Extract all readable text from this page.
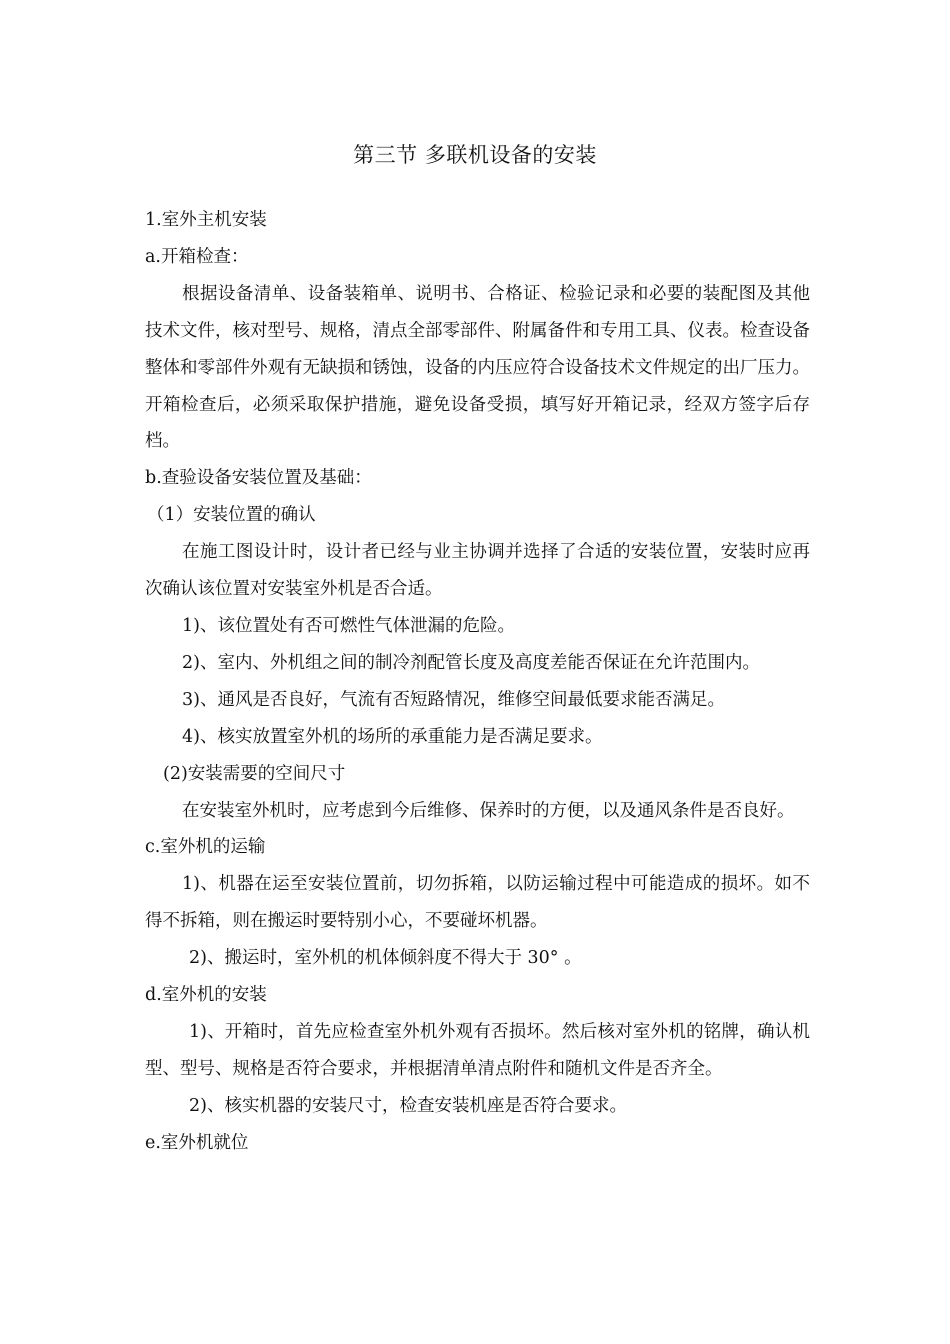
第三节 多联机设备的安装

1.室外主机安装

a.开箱检查：

根据设备清单、设备装箱单、说明书、合格证、检验记录和必要的装配图及其他技术文件，核对型号、规格，清点全部零部件、附属备件和专用工具、仪表。检查设备整体和零部件外观有无缺损和锈蚀，设备的内压应符合设备技术文件规定的出厂压力。开箱检查后，必须采取保护措施，避免设备受损，填写好开箱记录，经双方签字后存档。

b.查验设备安装位置及基础：

（1）安装位置的确认

在施工图设计时，设计者已经与业主协调并选择了合适的安装位置，安装时应再次确认该位置对安装室外机是否合适。

1)、该位置处有否可燃性气体泄漏的危险。

2)、室内、外机组之间的制冷剂配管长度及高度差能否保证在允许范围内。

3)、通风是否良好，气流有否短路情况，维修空间最低要求能否满足。

4)、核实放置室外机的场所的承重能力是否满足要求。

(2)安装需要的空间尺寸

在安装室外机时，应考虑到今后维修、保养时的方便，以及通风条件是否良好。

c.室外机的运输

1)、机器在运至安装位置前，切勿拆箱，以防运输过程中可能造成的损坏。如不得不拆箱，则在搬运时要特别小心，不要碰坏机器。

2)、搬运时，室外机的机体倾斜度不得大于 30° 。

d.室外机的安装

1)、开箱时，首先应检查室外机外观有否损坏。然后核对室外机的铭牌，确认机型、型号、规格是否符合要求，并根据清单清点附件和随机文件是否齐全。

2)、核实机器的安装尺寸，检查安装机座是否符合要求。

e.室外机就位
